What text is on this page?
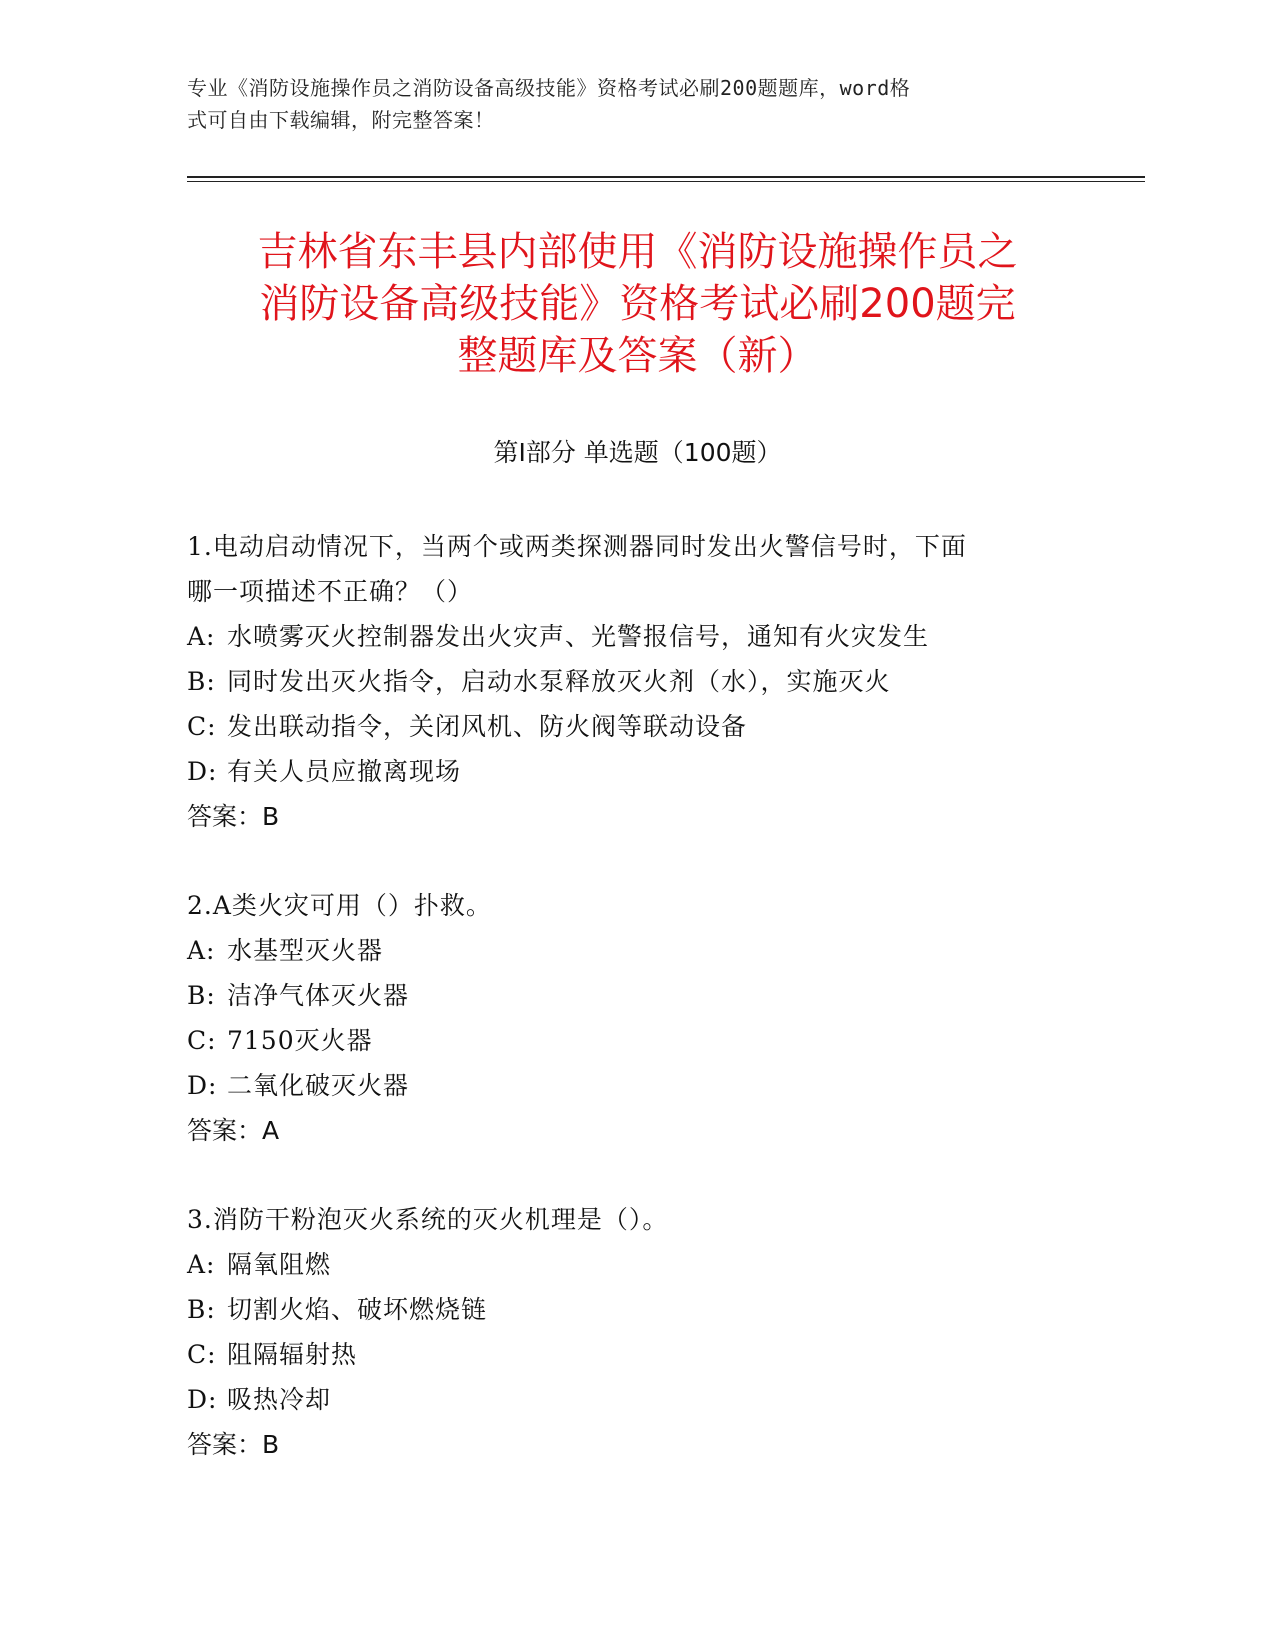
专业《消防设施操作员之消防设备高级技能》资格考试必刷200题题库，word格
式可自由下载编辑，附完整答案！
吉林省东丰县内部使用《消防设施操作员之
消防设备高级技能》资格考试必刷200题完
整题库及答案（新）
第Ⅰ部分 单选题（100题）
1.电动启动情况下，当两个或两类探测器同时发出火警信号时，下面
哪一项描述不正确？（）
A: 水喷雾灭火控制器发出火灾声、光警报信号，通知有火灾发生
B: 同时发出灭火指令，启动水泵释放灭火剂（水），实施灭火
C: 发出联动指令，关闭风机、防火阀等联动设备
D: 有关人员应撤离现场
答案：B
2.A类火灾可用（）扑救。
A: 水基型灭火器
B: 洁净气体灭火器
C: 7150灭火器
D: 二氧化破灭火器
答案：A
3.消防干粉泡灭火系统的灭火机理是（）。
A: 隔氧阻燃
B: 切割火焰、破坏燃烧链
C: 阻隔辐射热
D: 吸热冷却
答案：B
